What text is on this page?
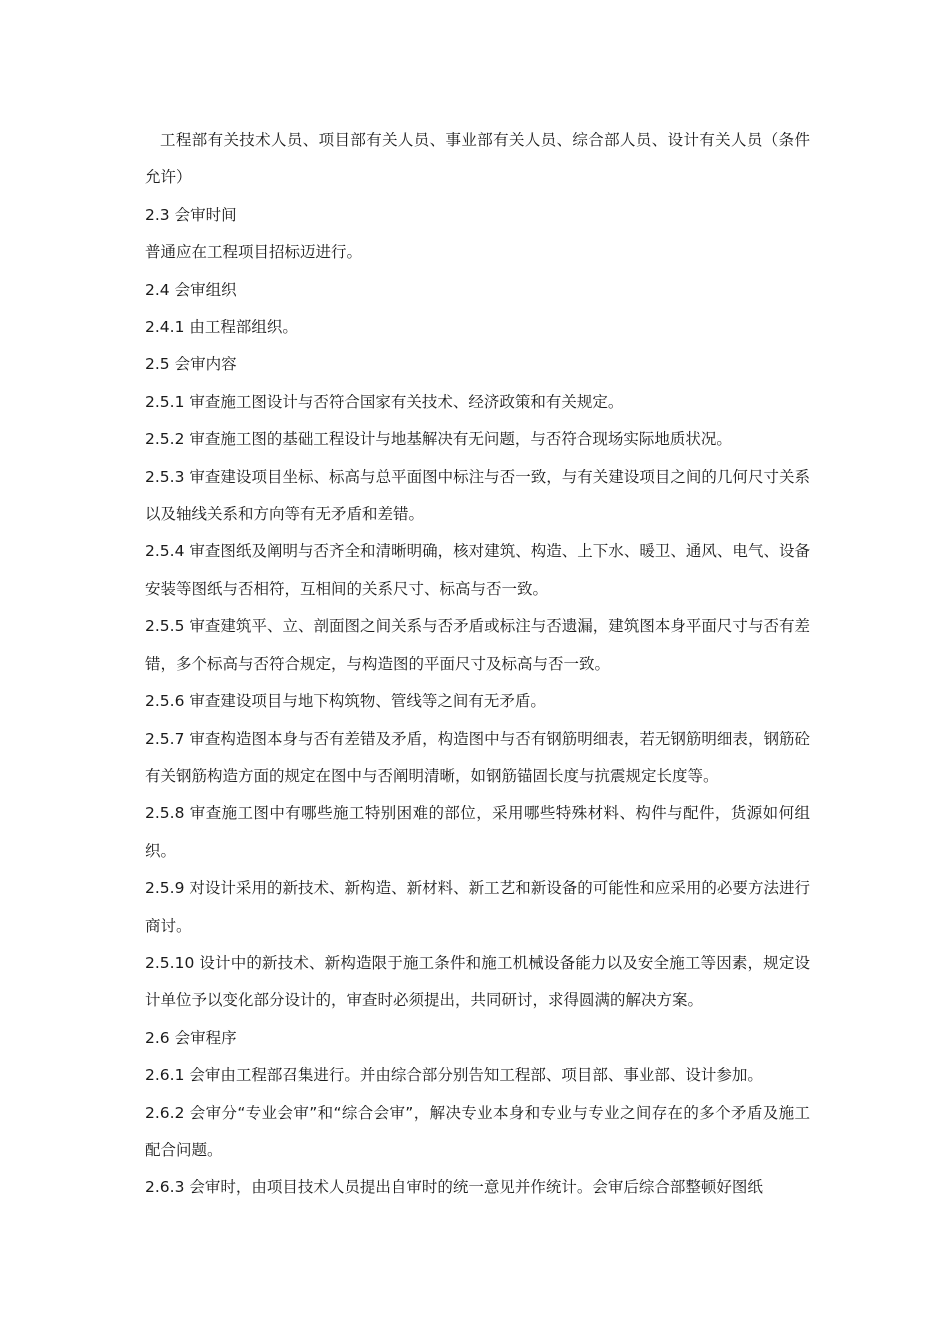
工程部有关技术人员、项目部有关人员、事业部有关人员、综合部人员、设计有关人员（条件允许）

2.3 会审时间

普通应在工程项目招标迈进行。

2.4 会审组织

2.4.1 由工程部组织。

2.5 会审内容

2.5.1 审查施工图设计与否符合国家有关技术、经济政策和有关规定。

2.5.2 审查施工图的基础工程设计与地基解决有无问题，与否符合现场实际地质状况。

2.5.3 审查建设项目坐标、标高与总平面图中标注与否一致，与有关建设项目之间的几何尺寸关系以及轴线关系和方向等有无矛盾和差错。

2.5.4 审查图纸及阐明与否齐全和清晰明确，核对建筑、构造、上下水、暖卫、通风、电气、设备安装等图纸与否相符，互相间的关系尺寸、标高与否一致。

2.5.5 审查建筑平、立、剖面图之间关系与否矛盾或标注与否遗漏，建筑图本身平面尺寸与否有差错，多个标高与否符合规定，与构造图的平面尺寸及标高与否一致。

2.5.6 审查建设项目与地下构筑物、管线等之间有无矛盾。

2.5.7 审查构造图本身与否有差错及矛盾，构造图中与否有钢筋明细表，若无钢筋明细表，钢筋砼有关钢筋构造方面的规定在图中与否阐明清晰，如钢筋锚固长度与抗震规定长度等。

2.5.8 审查施工图中有哪些施工特别困难的部位，采用哪些特殊材料、构件与配件，货源如何组织。

2.5.9 对设计采用的新技术、新构造、新材料、新工艺和新设备的可能性和应采用的必要方法进行商讨。

2.5.10 设计中的新技术、新构造限于施工条件和施工机械设备能力以及安全施工等因素，规定设计单位予以变化部分设计的，审查时必须提出，共同研讨，求得圆满的解决方案。

2.6 会审程序

2.6.1 会审由工程部召集进行。并由综合部分别告知工程部、项目部、事业部、设计参加。

2.6.2 会审分“专业会审”和“综合会审”，解决专业本身和专业与专业之间存在的多个矛盾及施工配合问题。

2.6.3 会审时，由项目技术人员提出自审时的统一意见并作统计。会审后综合部整顿好图纸
